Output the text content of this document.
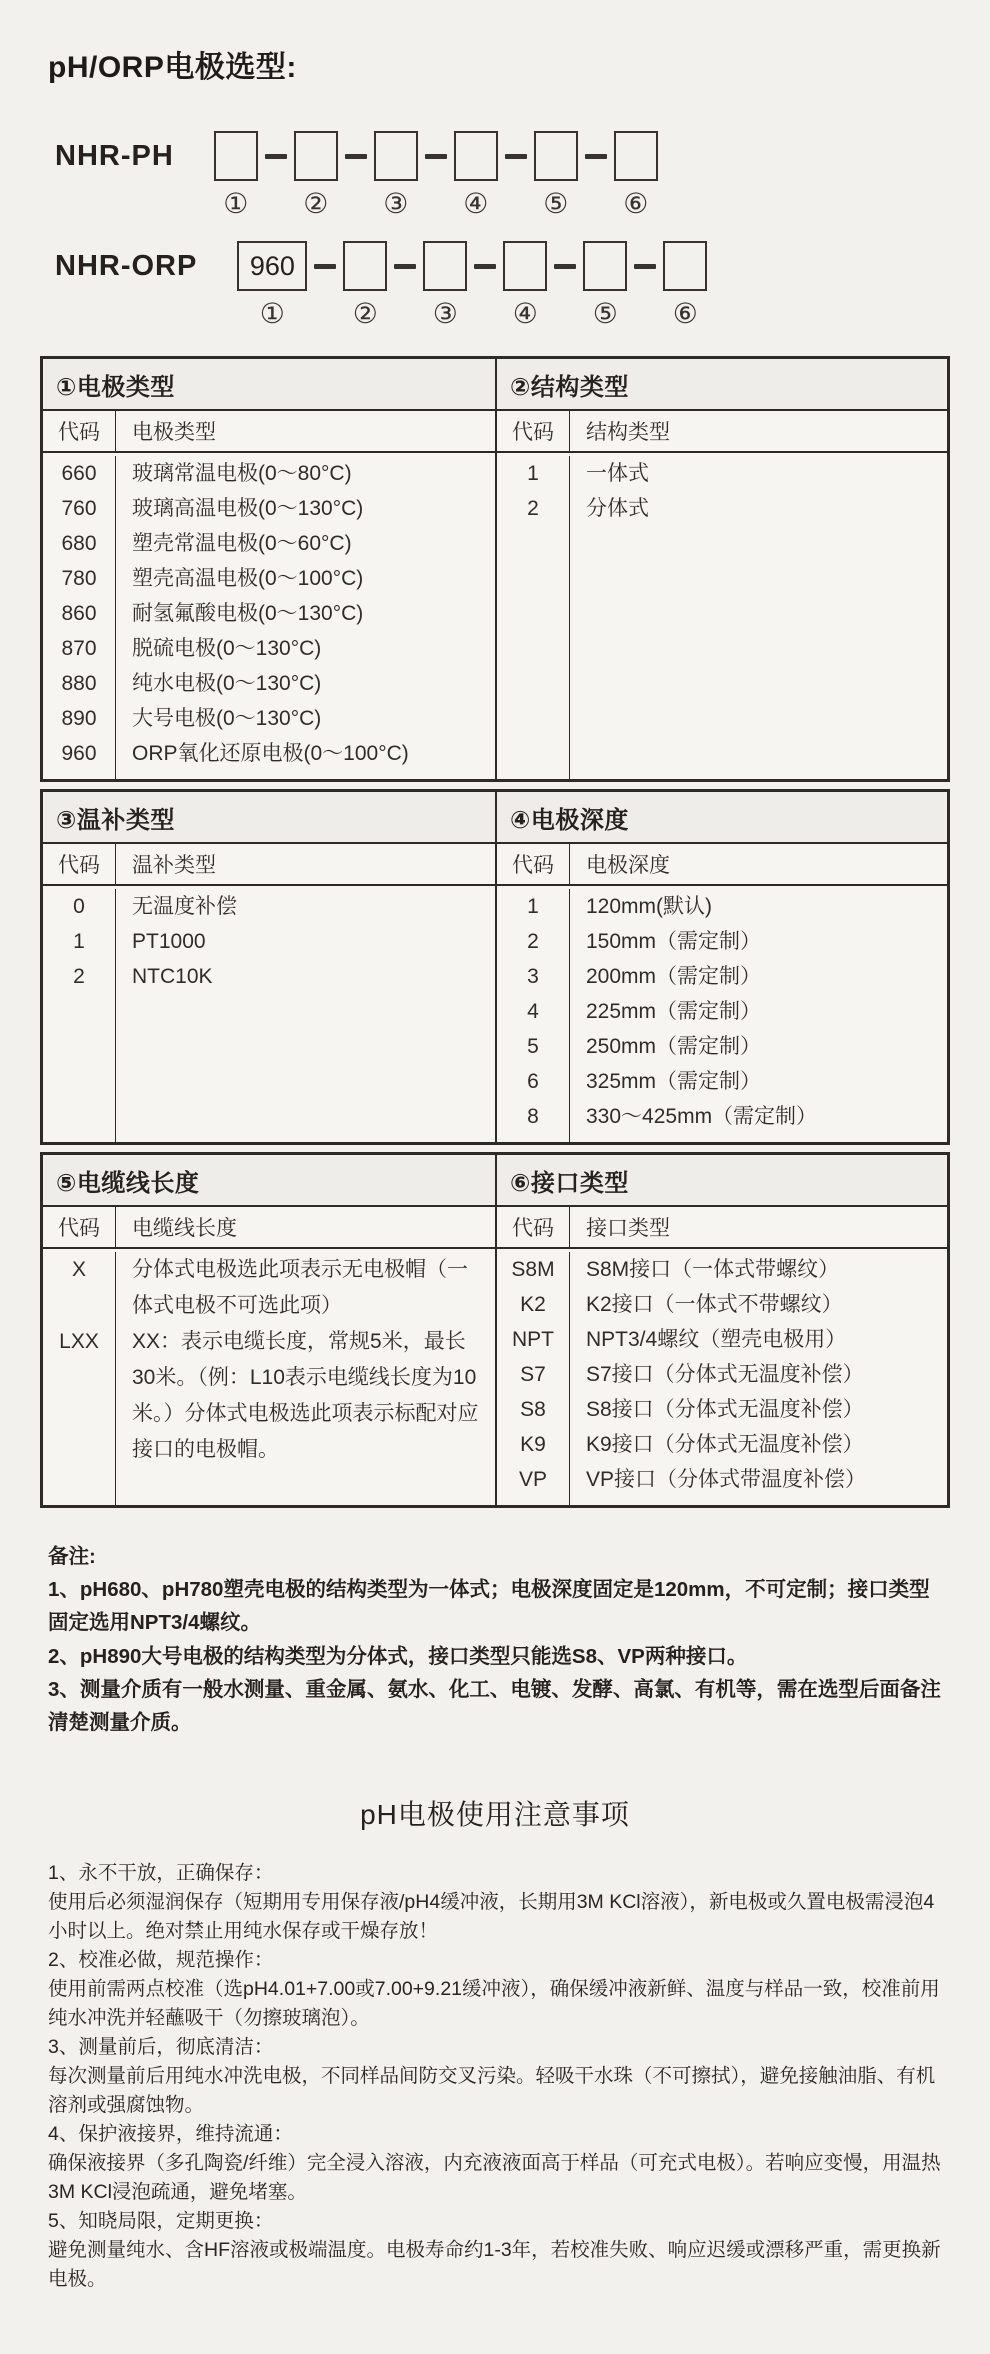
pH/ORP电极选型:
NHR-PH
①	②	③	④	⑤	⑥
NHR-ORP	960
①	②	③	④	⑤	⑥
①电极类型
代码	电极类型
660	玻璃常温电极(0～80°C)
760	玻璃高温电极(0～130°C)
680	塑壳常温电极(0～60°C)
780	塑壳高温电极(0～100°C)
860	耐氢氟酸电极(0～130°C)
870	脱硫电极(0～130°C)
880	纯水电极(0～130°C)
890	大号电极(0～130°C)
960	ORP氧化还原电极(0～100°C)
②结构类型
代码	结构类型
1	一体式
2	分体式
③温补类型
代码	温补类型
0	无温度补偿
1	PT1000
2	NTC10K
④电极深度
代码	电极深度
1	120mm(默认)
2	150mm（需定制）
3	200mm（需定制）
4	225mm（需定制）
5	250mm（需定制）
6	325mm（需定制）
8	330～425mm（需定制）
⑤电缆线长度
代码	电缆线长度
X	分体式电极选此项表示无电极帽（一体式电极不可选此项）
LXX	XX：表示电缆长度，常规5米，最长30米。（例：L10表示电缆线长度为10米。）分体式电极选此项表示标配对应接口的电极帽。
⑥接口类型
代码	接口类型
S8M	S8M接口（一体式带螺纹）
K2	K2接口（一体式不带螺纹）
NPT	NPT3/4螺纹（塑壳电极用）
S7	S7接口（分体式无温度补偿）
S8	S8接口（分体式无温度补偿）
K9	K9接口（分体式无温度补偿）
VP	VP接口（分体式带温度补偿）
备注:
1、pH680、pH780塑壳电极的结构类型为一体式；电极深度固定是120mm，不可定制；接口类型固定选用NPT3/4螺纹。
2、pH890大号电极的结构类型为分体式，接口类型只能选S8、VP两种接口。
3、测量介质有一般水测量、重金属、氨水、化工、电镀、发酵、高氯、有机等，需在选型后面备注清楚测量介质。
pH电极使用注意事项
1、永不干放，正确保存：
使用后必须湿润保存（短期用专用保存液/pH4缓冲液，长期用3M KCl溶液），新电极或久置电极需浸泡4小时以上。绝对禁止用纯水保存或干燥存放！
2、校准必做，规范操作：
使用前需两点校准（选pH4.01+7.00或7.00+9.21缓冲液），确保缓冲液新鲜、温度与样品一致，校准前用纯水冲洗并轻蘸吸干（勿擦玻璃泡）。
3、测量前后，彻底清洁：
每次测量前后用纯水冲洗电极，不同样品间防交叉污染。轻吸干水珠（不可擦拭），避免接触油脂、有机溶剂或强腐蚀物。
4、保护液接界，维持流通：
确保液接界（多孔陶瓷/纤维）完全浸入溶液，内充液液面高于样品（可充式电极）。若响应变慢，用温热3M KCl浸泡疏通，避免堵塞。
5、知晓局限，定期更换：
避免测量纯水、含HF溶液或极端温度。电极寿命约1-3年，若校准失败、响应迟缓或漂移严重，需更换新电极。
